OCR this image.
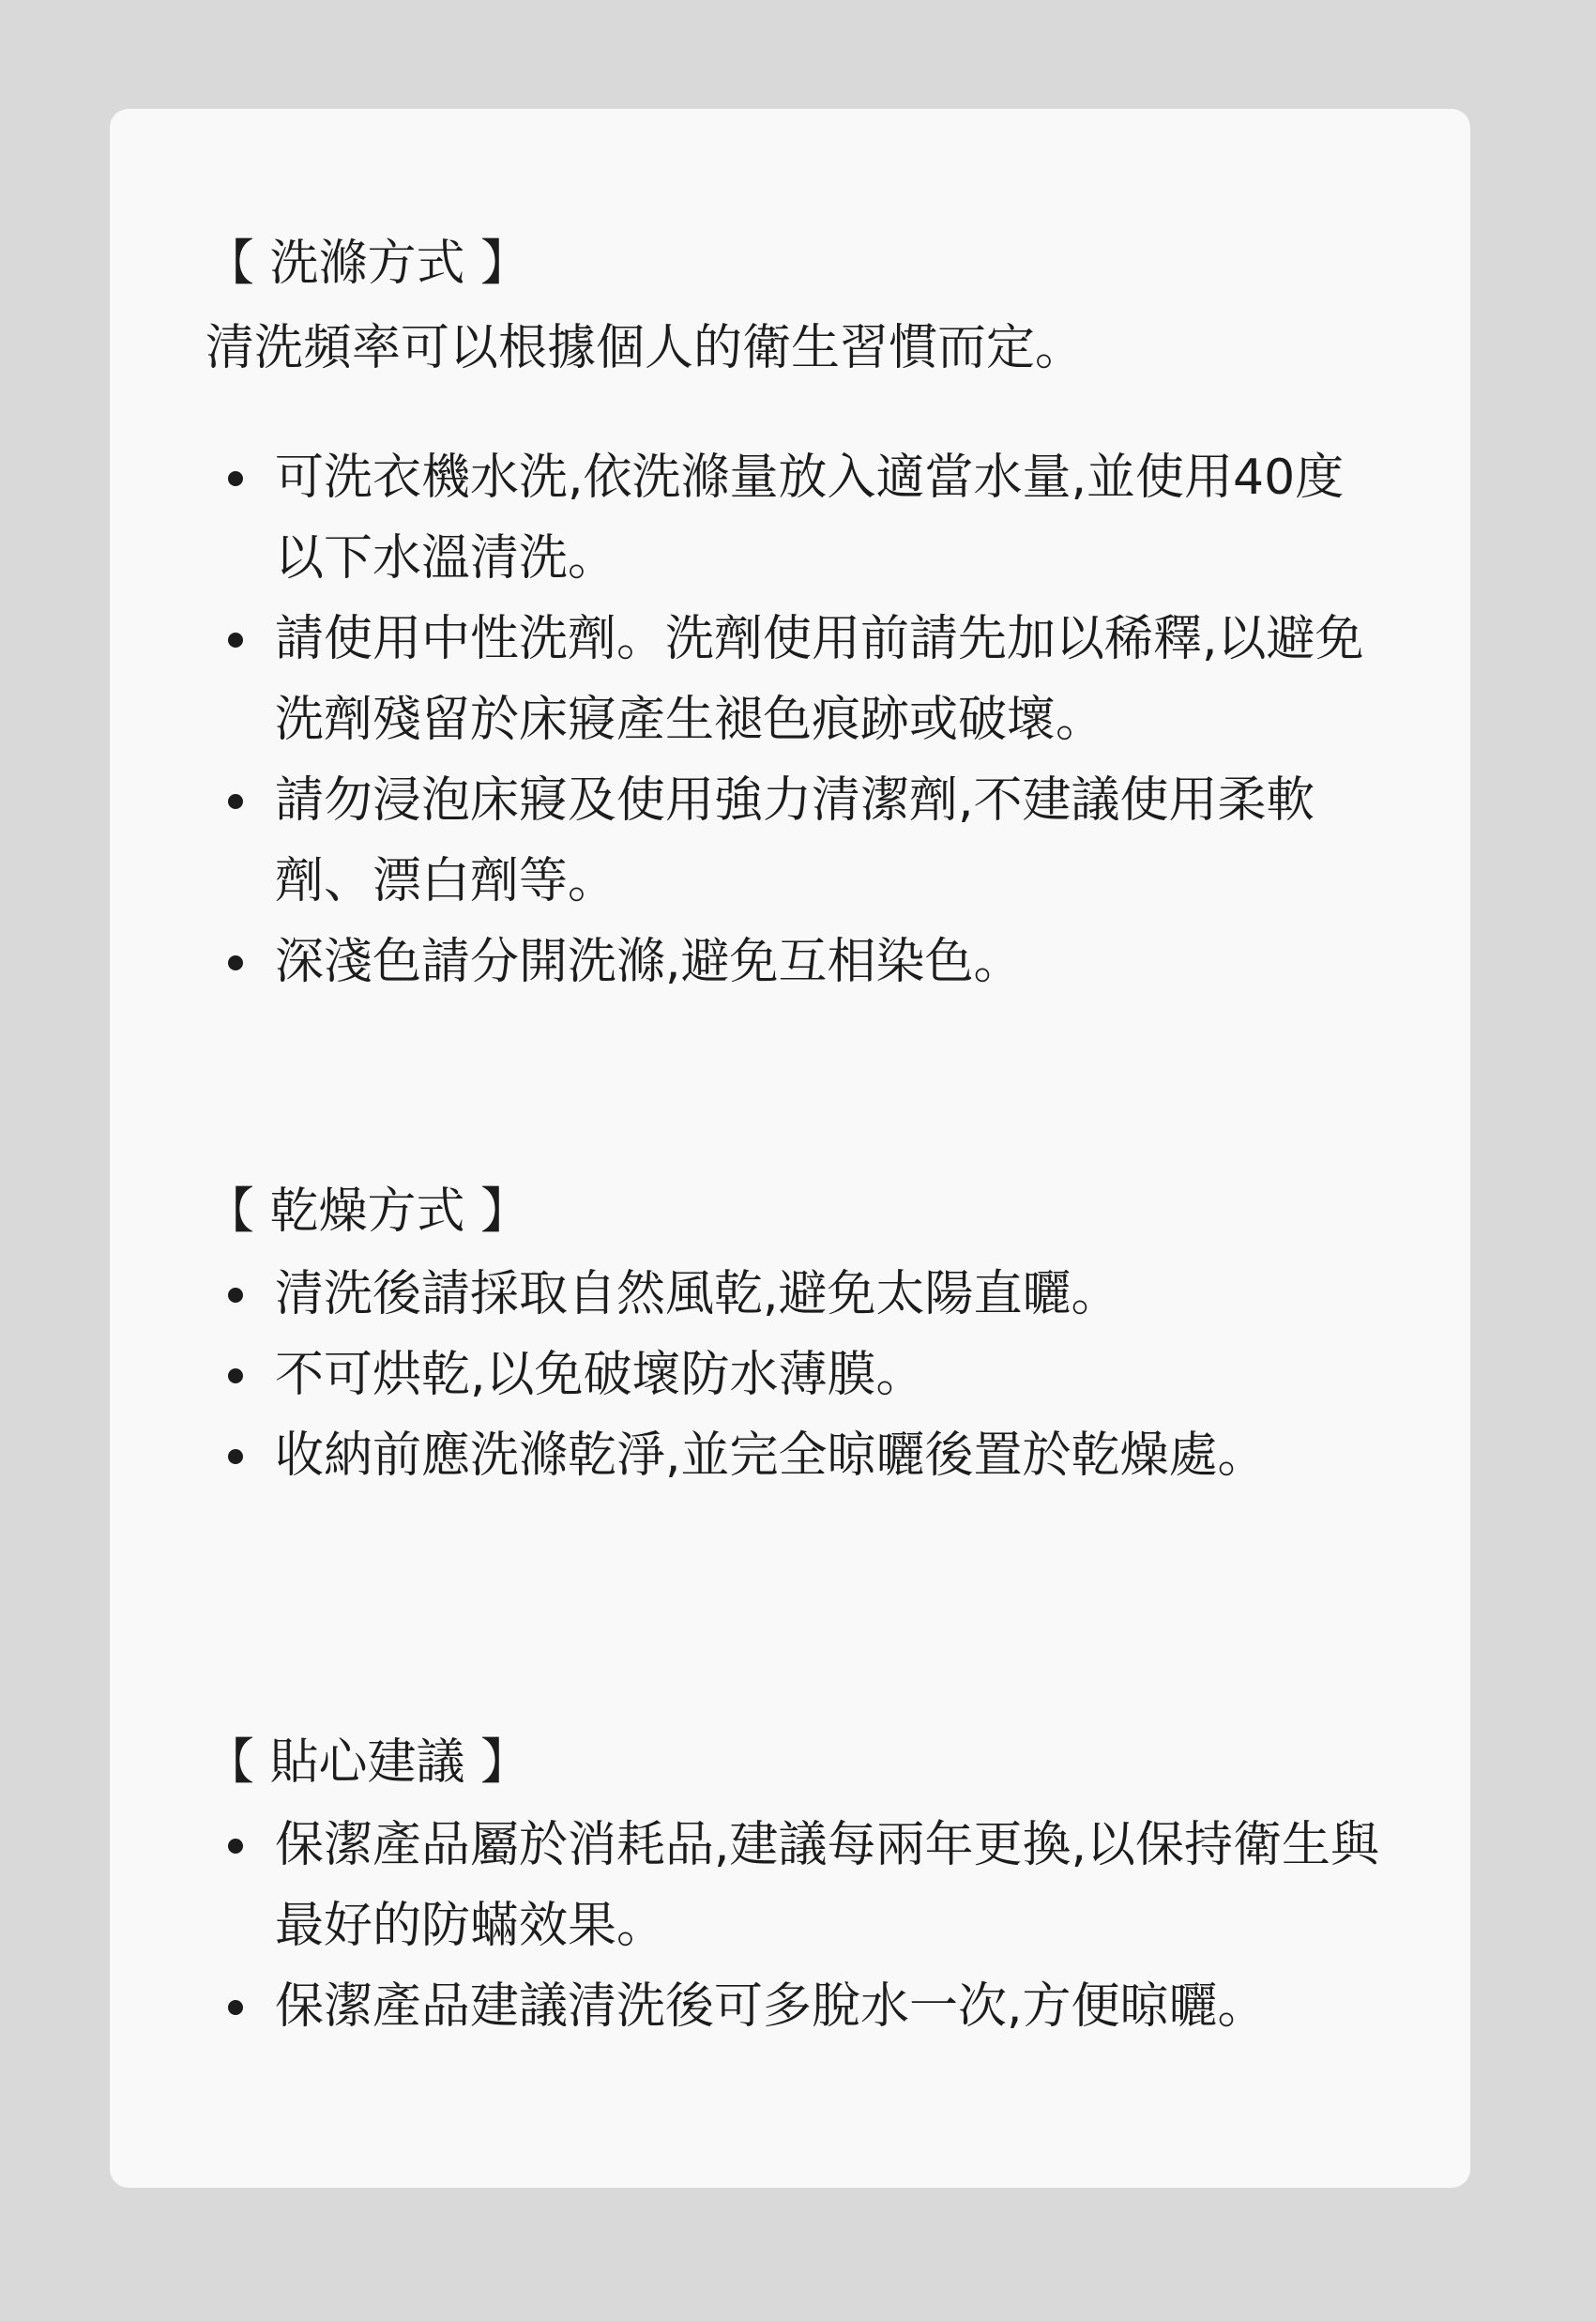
【 洗滌方式 】
清洗頻率可以根據個人的衛生習慣而定。
可洗衣機水洗,依洗滌量放入適當水量,並使用40度以下水溫清洗。
請使用中性洗劑。洗劑使用前請先加以稀釋,以避免洗劑殘留於床寢產生褪色痕跡或破壞。
請勿浸泡床寢及使用強力清潔劑,不建議使用柔軟劑、漂白劑等。
深淺色請分開洗滌,避免互相染色。
【 乾燥方式 】
清洗後請採取自然風乾,避免太陽直曬。
不可烘乾,以免破壞防水薄膜。
收納前應洗滌乾淨,並完全晾曬後置於乾燥處。
【 貼心建議 】
保潔產品屬於消耗品,建議每兩年更換,以保持衛生與最好的防蟎效果。
保潔產品建議清洗後可多脫水一次,方便晾曬。
